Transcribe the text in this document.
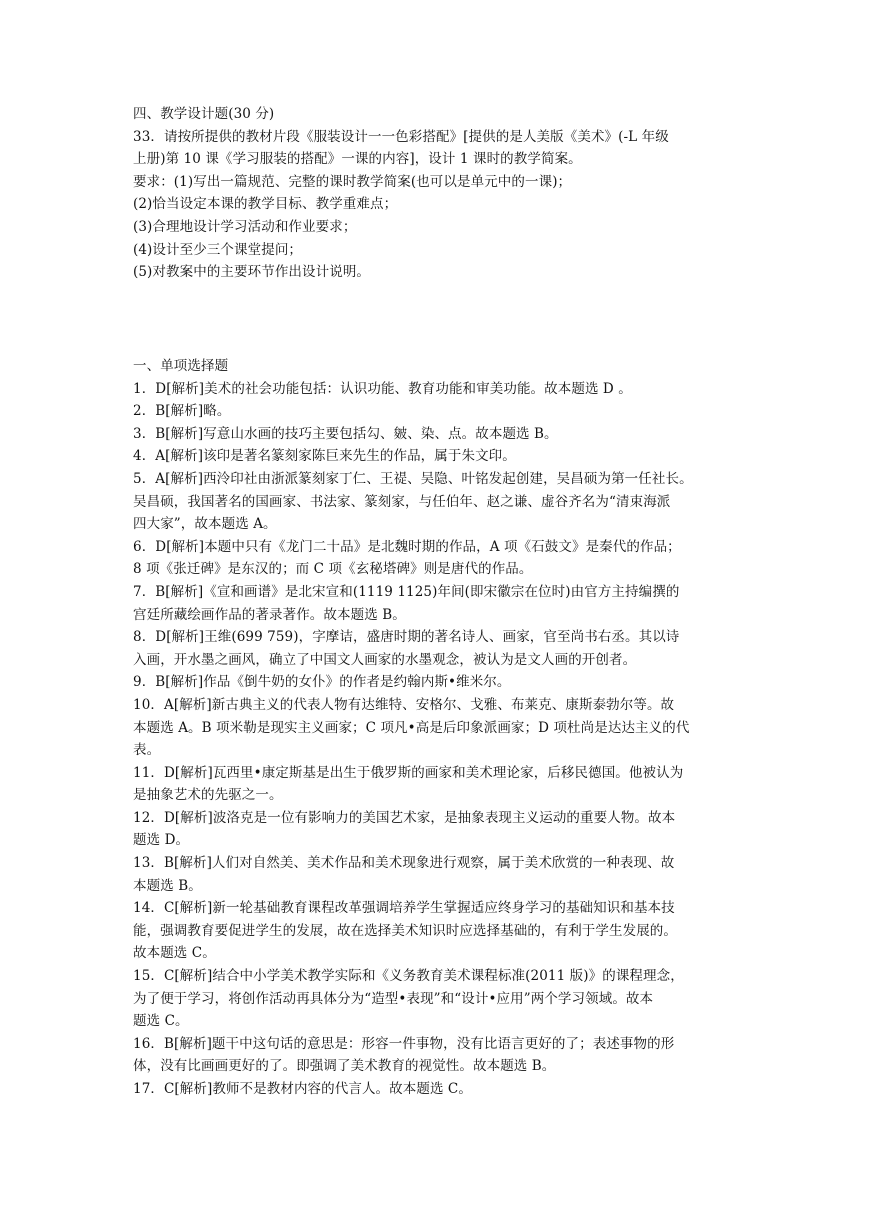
四、教学设计题(30 分)

33．请按所提供的教材片段《服装设计一一色彩搭配》[提供的是人美版《美术》(-L 年级

上册)第 10 课《学习服装的搭配》一课的内容]，设计 1 课时的教学简案。

要求：(1)写出一篇规范、完整的课时教学简案(也可以是单元中的一课)；

(2)恰当设定本课的教学目标、教学重难点；

(3)合理地设计学习活动和作业要求；

(4)设计至少三个课堂提问；

(5)对教案中的主要环节作出设计说明。

一、单项选择题

1．D[解析]美术的社会功能包括：认识功能、教育功能和审美功能。故本题选 D 。

2．B[解析]略。

3．B[解析]写意山水画的技巧主要包括勾、皴、染、点。故本题选 B。

4．A[解析]该印是著名篆刻家陈巨来先生的作品，属于朱文印。

5．A[解析]西泠印社由浙派篆刻家丁仁、王禔、吴隐、叶铭发起创建，吴昌硕为第一任社长。

吴昌硕，我国著名的国画家、书法家、篆刻家，与任伯年、赵之谦、虚谷齐名为“清束海派

四大家”，故本题选 A。

6．D[解析]本题中只有《龙门二十品》是北魏时期的作品，A 项《石鼓文》是秦代的作品；

8 项《张迁碑》是东汉的；而 C 项《玄秘塔碑》则是唐代的作品。

7．B[解析]《宣和画谱》是北宋宣和(1119 1125)年间(即宋徽宗在位时)由官方主持编撰的

宫廷所藏绘画作品的著录著作。故本题选 B。

8．D[解析]王维(699 759)，字摩诘，盛唐时期的著名诗人、画家，官至尚书右丞。其以诗

入画，开水墨之画风，确立了中国文人画家的水墨观念，被认为是文人画的开创者。

9．B[解析]作品《倒牛奶的女仆》的作者是约翰内斯•维米尔。

10．A[解析]新古典主义的代表人物有达维特、安格尔、戈雅、布莱克、康斯泰勃尔等。故

本题选 A。B 项米勒是现实主义画家；C 项凡•高是后印象派画家；D 项杜尚是达达主义的代

表。

11．D[解析]瓦西里•康定斯基是出生于俄罗斯的画家和美术理论家，后移民德国。他被认为

是抽象艺术的先驱之一。

12．D[解析]波洛克是一位有影响力的美国艺术家，是抽象表现主义运动的重要人物。故本

题选 D。

13．B[解析]人们对自然美、美术作品和美术现象进行观察，属于美术欣赏的一种表现、故

本题选 B。

14．C[解析]新一轮基础教育课程改革强调培养学生掌握适应终身学习的基础知识和基本技

能，强调教育要促进学生的发展，故在选择美术知识时应选择基础的，有利于学生发展的。

故本题选 C。

15．C[解析]结合中小学美术教学实际和《义务教育美术课程标准(2011 版)》的课程理念，

为了便于学习，将创作活动再具体分为“造型•表现”和“设计•应用”两个学习领域。故本

题选 C。

16．B[解析]题干中这句话的意思是：形容一件事物，没有比语言更好的了；表述事物的形

体，没有比画画更好的了。即强调了美术教育的视觉性。故本题选 B。

17．C[解析]教师不是教材内容的代言人。故本题选 C。
